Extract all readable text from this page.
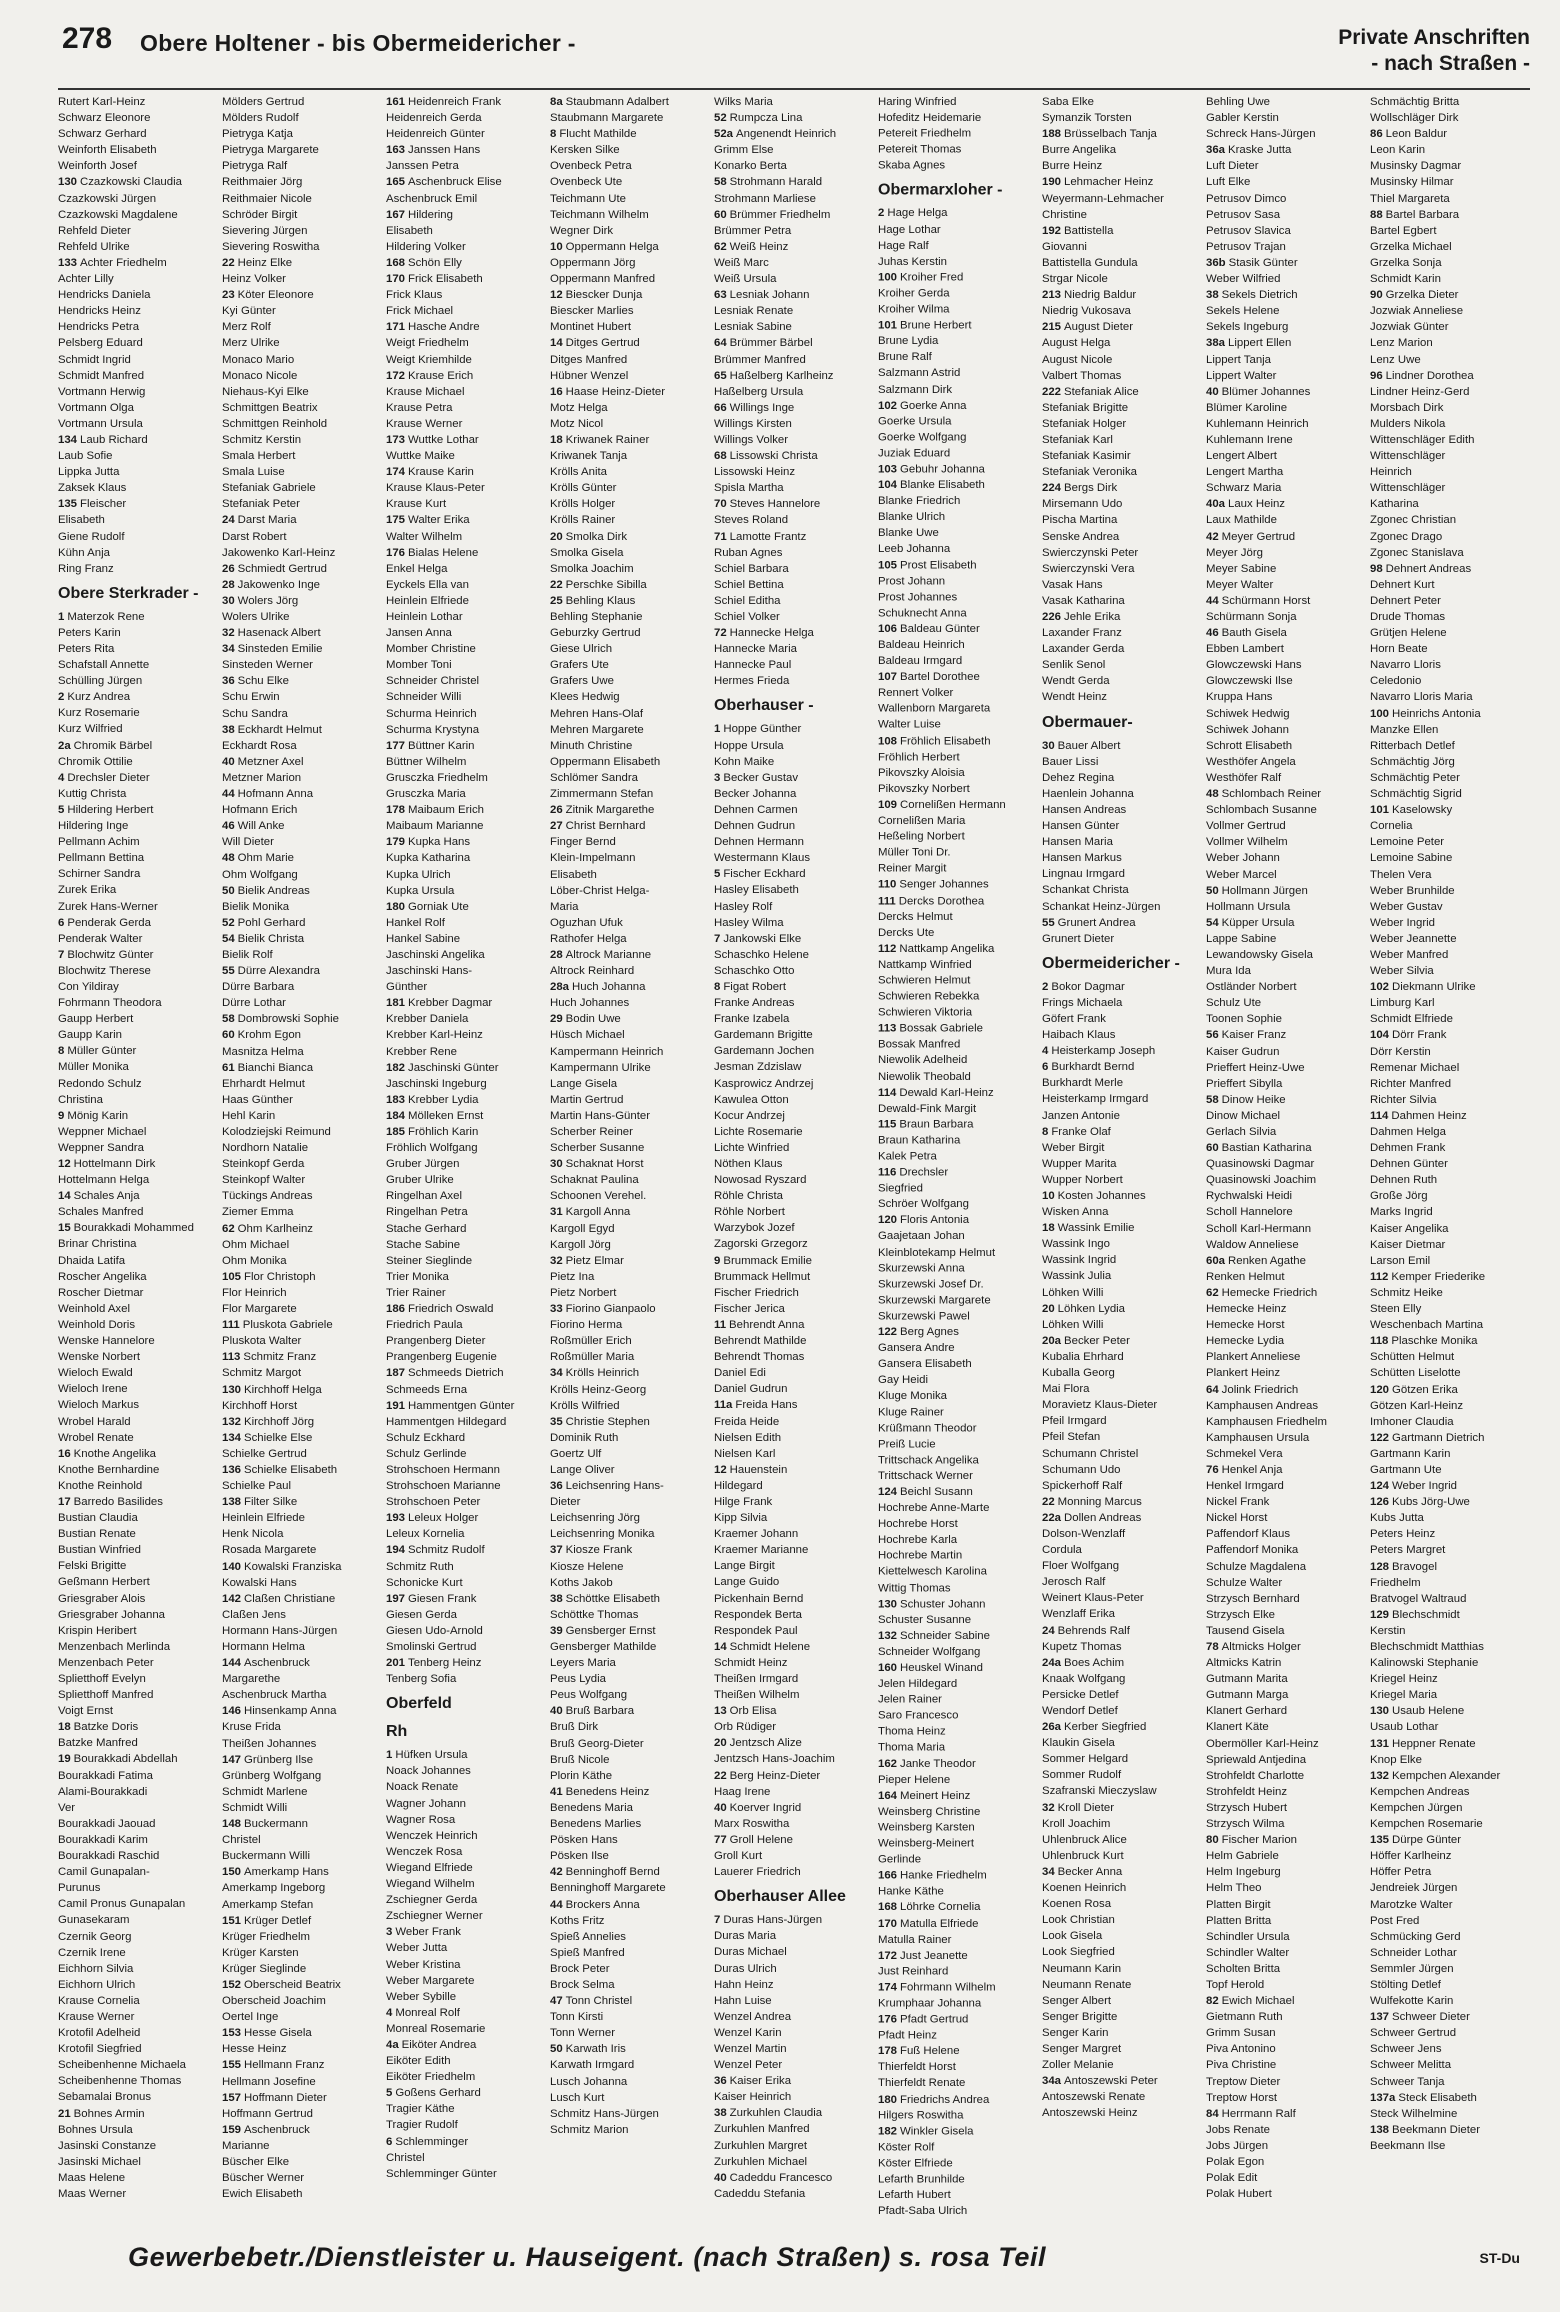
278 Obere Holtener - bis Obermeidericher -	Private Anschriften
- nach Straßen -
Rutert Karl-Heinz
Schwarz Eleonore
Schwarz Gerhard
Weinforth Elisabeth
Weinforth Josef
130 Czazkowski Claudia
Czazkowski Jürgen
Czazkowski Magdalene
Rehfeld Dieter
Rehfeld Ulrike
133 Achter Friedhelm
Achter Lilly
Hendricks Daniela
Hendricks Heinz
Hendricks Petra
Pelsberg Eduard
Schmidt Ingrid
Schmidt Manfred
Vortmann Herwig
Vortmann Olga
Vortmann Ursula
134 Laub Richard
Laub Sofie
Lippka Jutta
Zaksek Klaus
135 Fleischer
Elisabeth
Giene Rudolf
Kühn Anja
Ring Franz
Obere Sterkrader -
1 Materzok Rene
Peters Karin
Peters Rita
Schafstall Annette
Schülling Jürgen
2 Kurz Andrea
Kurz Rosemarie
Kurz Wilfried
2a Chromik Bärbel
Chromik Ottilie
4 Drechsler Dieter
Kuttig Christa
5 Hildering Herbert
Hildering Inge
Pellmann Achim
Pellmann Bettina
Schirner Sandra
Zurek Erika
Zurek Hans-Werner
6 Penderak Gerda
Penderak Walter
7 Blochwitz Günter
Blochwitz Therese
Con Yildiray
Fohrmann Theodora
Gaupp Herbert
Gaupp Karin
8 Müller Günter
Müller Monika
Redondo Schulz
Christina
9 Mönig Karin
Weppner Michael
Weppner Sandra
12 Hottelmann Dirk
Hottelmann Helga
14 Schales Anja
Schales Manfred
15 Bourakkadi Mohammed
Brinar Christina
Dhaida Latifa
Roscher Angelika
Roscher Dietmar
Weinhold Axel
Weinhold Doris
Wenske Hannelore
Wenske Norbert
Wieloch Ewald
Wieloch Irene
Wieloch Markus
Wrobel Harald
Wrobel Renate
16 Knothe Angelika
Knothe Bernhardine
Knothe Reinhold
17 Barredo Basilides
Bustian Claudia
Bustian Renate
Bustian Winfried
Felski Brigitte
Geßmann Herbert
Griesgraber Alois
Griesgraber Johanna
Krispin Heribert
Menzenbach Merlinda
Menzenbach Peter
Splietthoff Evelyn
Splietthoff Manfred
Voigt Ernst
18 Batzke Doris
Batzke Manfred
19 Bourakkadi Abdellah
Bourakkadi Fatima
Alami-Bourakkadi
Ver
Bourakkadi Jaouad
Bourakkadi Karim
Bourakkadi Raschid
Camil Gunapalan-
Purunus
Camil Pronus Gunapalan
Gunasekaram
Czernik Georg
Czernik Irene
Eichhorn Silvia
Eichhorn Ulrich
Krause Cornelia
Krause Werner
Krotofil Adelheid
Krotofil Siegfried
Scheibenhenne Michaela
Scheibenhenne Thomas
Sebamalai Bronus
21 Bohnes Armin
Bohnes Ursula
Jasinski Constanze
Jasinski Michael
Maas Helene
Maas Werner
Mölders Gertrud
Mölders Rudolf
Pietryga Katja
Pietryga Margarete
Pietryga Ralf
Reithmaier Jörg
Reithmaier Nicole
Schröder Birgit
Sievering Jürgen
Sievering Roswitha
22 Heinz Elke
Heinz Volker
23 Köter Eleonore
Kyi Günter
Merz Rolf
Merz Ulrike
Monaco Mario
Monaco Nicole
Niehaus-Kyi Elke
Schmittgen Beatrix
Schmittgen Reinhold
Schmitz Kerstin
Smala Herbert
Smala Luise
Stefaniak Gabriele
Stefaniak Peter
24 Darst Maria
Darst Robert
Jakowenko Karl-Heinz
26 Schmiedt Gertrud
28 Jakowenko Inge
30 Wolers Jörg
Wolers Ulrike
32 Hasenack Albert
34 Sinsteden Emilie
Sinsteden Werner
36 Schu Elke
Schu Erwin
Schu Sandra
38 Eckhardt Helmut
Eckhardt Rosa
40 Metzner Axel
Metzner Marion
44 Hofmann Anna
Hofmann Erich
46 Will Anke
Will Dieter
48 Ohm Marie
Ohm Wolfgang
50 Bielik Andreas
Bielik Monika
52 Pohl Gerhard
54 Bielik Christa
Bielik Rolf
55 Dürre Alexandra
Dürre Barbara
Dürre Lothar
58 Dombrowski Sophie
60 Krohm Egon
Masnitza Helma
61 Bianchi Bianca
Ehrhardt Helmut
Haas Günther
Hehl Karin
Kolodziejski Reimund
Nordhorn Natalie
Steinkopf Gerda
Steinkopf Walter
Tückings Andreas
Ziemer Emma
62 Ohm Karlheinz
Ohm Michael
Ohm Monika
105 Flor Christoph
Flor Heinrich
Flor Margarete
111 Pluskota Gabriele
Pluskota Walter
113 Schmitz Franz
Schmitz Margot
130 Kirchhoff Helga
Kirchhoff Horst
132 Kirchhoff Jörg
134 Schielke Else
Schielke Gertrud
136 Schielke Elisabeth
Schielke Paul
138 Filter Silke
Heinlein Elfriede
Henk Nicola
Rosada Margarete
140 Kowalski Franziska
Kowalski Hans
142 Claßen Christiane
Claßen Jens
Hormann Hans-Jürgen
Hormann Helma
144 Aschenbruck
Margarethe
Aschenbruck Martha
146 Hinsenkamp Anna
Kruse Frida
Theißen Johannes
147 Grünberg Ilse
Grünberg Wolfgang
Schmidt Marlene
Schmidt Willi
148 Buckermann
Christel
Buckermann Willi
150 Amerkamp Hans
Amerkamp Ingeborg
Amerkamp Stefan
151 Krüger Detlef
Krüger Friedhelm
Krüger Karsten
Krüger Sieglinde
152 Oberscheid Beatrix
Oberscheid Joachim
Oertel Inge
153 Hesse Gisela
Hesse Heinz
155 Hellmann Franz
Hellmann Josefine
157 Hoffmann Dieter
Hoffmann Gertrud
159 Aschenbruck
Marianne
Büscher Elke
Büscher Werner
Ewich Elisabeth
161 Heidenreich Frank
Heidenreich Gerda
Heidenreich Günter
163 Janssen Hans
Janssen Petra
165 Aschenbruck Elise
Aschenbruck Emil
167 Hildering
Elisabeth
Hildering Volker
168 Schön Elly
170 Frick Elisabeth
Frick Klaus
Frick Michael
171 Hasche Andre
Weigt Friedhelm
Weigt Kriemhilde
172 Krause Erich
Krause Michael
Krause Petra
Krause Werner
173 Wuttke Lothar
Wuttke Maike
174 Krause Karin
Krause Klaus-Peter
Krause Kurt
175 Walter Erika
Walter Wilhelm
176 Bialas Helene
Enkel Helga
Eyckels Ella van
Heinlein Elfriede
Heinlein Lothar
Jansen Anna
Momber Christine
Momber Toni
Schneider Christel
Schneider Willi
Schurma Heinrich
Schurma Krystyna
177 Büttner Karin
Büttner Wilhelm
Grusczka Friedhelm
Grusczka Maria
178 Maibaum Erich
Maibaum Marianne
179 Kupka Hans
Kupka Katharina
Kupka Ulrich
Kupka Ursula
180 Gorniak Ute
Hankel Rolf
Hankel Sabine
Jaschinski Angelika
Jaschinski Hans-
Günther
181 Krebber Dagmar
Krebber Daniela
Krebber Karl-Heinz
Krebber Rene
182 Jaschinski Günter
Jaschinski Ingeburg
183 Krebber Lydia
184 Mölleken Ernst
185 Fröhlich Karin
Fröhlich Wolfgang
Gruber Jürgen
Gruber Ulrike
Ringelhan Axel
Ringelhan Petra
Stache Gerhard
Stache Sabine
Steiner Sieglinde
Trier Monika
Trier Rainer
186 Friedrich Oswald
Friedrich Paula
Prangenberg Dieter
Prangenberg Eugenie
187 Schmeeds Dietrich
Schmeeds Erna
191 Hammentgen Günter
Hammentgen Hildegard
Schulz Eckhard
Schulz Gerlinde
Strohschoen Hermann
Strohschoen Marianne
Strohschoen Peter
193 Leleux Holger
Leleux Kornelia
194 Schmitz Rudolf
Schmitz Ruth
Schonicke Kurt
197 Giesen Frank
Giesen Gerda
Giesen Udo-Arnold
Smolinski Gertrud
201 Tenberg Heinz
Tenberg Sofia
Oberfeld
Rh
1 Hüfken Ursula
Noack Johannes
Noack Renate
Wagner Johann
Wagner Rosa
Wenczek Heinrich
Wenczek Rosa
Wiegand Elfriede
Wiegand Wilhelm
Zschiegner Gerda
Zschiegner Werner
3 Weber Frank
Weber Jutta
Weber Kristina
Weber Margarete
Weber Sybille
4 Monreal Rolf
Monreal Rosemarie
4a Eiköter Andrea
Eiköter Edith
Eiköter Friedhelm
5 Goßens Gerhard
Tragier Käthe
Tragier Rudolf
6 Schlemminger
Christel
Schlemminger Günter
8a Staubmann Adalbert
Staubmann Margarete
8 Flucht Mathilde
Kersken Silke
Ovenbeck Petra
Ovenbeck Ute
Teichmann Ute
Teichmann Wilhelm
Wegner Dirk
10 Oppermann Helga
Oppermann Jörg
Oppermann Manfred
12 Biescker Dunja
Biescker Marlies
Montinet Hubert
14 Ditges Gertrud
Ditges Manfred
Hübner Wenzel
16 Haase Heinz-Dieter
Motz Helga
Motz Nicol
18 Kriwanek Rainer
Kriwanek Tanja
Krölls Anita
Krölls Günter
Krölls Holger
Krölls Rainer
20 Smolka Dirk
Smolka Gisela
Smolka Joachim
22 Perschke Sibilla
25 Behling Klaus
Behling Stephanie
Geburzky Gertrud
Giese Ulrich
Grafers Ute
Grafers Uwe
Klees Hedwig
Mehren Hans-Olaf
Mehren Margarete
Minuth Christine
Oppermann Elisabeth
Schlömer Sandra
Zimmermann Stefan
26 Zitnik Margarethe
27 Christ Bernhard
Finger Bernd
Klein-Impelmann
Elisabeth
Löber-Christ Helga-
Maria
Oguzhan Ufuk
Rathofer Helga
28 Altrock Marianne
Altrock Reinhard
28a Huch Johanna
Huch Johannes
29 Bodin Uwe
Hüsch Michael
Kampermann Heinrich
Kampermann Ulrike
Lange Gisela
Martin Gertrud
Martin Hans-Günter
Scherber Reiner
Scherber Susanne
30 Schaknat Horst
Schaknat Paulina
Schoonen Verehel.
31 Kargoll Anna
Kargoll Egyd
Kargoll Jörg
32 Pietz Elmar
Pietz Ina
Pietz Norbert
33 Fiorino Gianpaolo
Fiorino Herma
Roßmüller Erich
Roßmüller Maria
34 Krölls Heinrich
Krölls Heinz-Georg
Krölls Wilfried
35 Christie Stephen
Dominik Ruth
Goertz Ulf
Lange Oliver
36 Leichsenring Hans-
Dieter
Leichsenring Jörg
Leichsenring Monika
37 Kiosze Frank
Kiosze Helene
Koths Jakob
38 Schöttke Elisabeth
Schöttke Thomas
39 Gensberger Ernst
Gensberger Mathilde
Leyers Maria
Peus Lydia
Peus Wolfgang
40 Bruß Barbara
Bruß Dirk
Bruß Georg-Dieter
Bruß Nicole
Plorin Käthe
41 Benedens Heinz
Benedens Maria
Benedens Marlies
Pösken Hans
Pösken Ilse
42 Benninghoff Bernd
Benninghoff Margarete
44 Brockers Anna
Koths Fritz
Spieß Annelies
Spieß Manfred
Brock Peter
Brock Selma
47 Tonn Christel
Tonn Kirsti
Tonn Werner
50 Karwath Iris
Karwath Irmgard
Lusch Johanna
Lusch Kurt
Schmitz Hans-Jürgen
Schmitz Marion
Wilks Maria
52 Rumpcza Lina
52a Angenendt Heinrich
Grimm Else
Konarko Berta
58 Strohmann Harald
Strohmann Marliese
60 Brümmer Friedhelm
Brümmer Petra
62 Weiß Heinz
Weiß Marc
Weiß Ursula
63 Lesniak Johann
Lesniak Renate
Lesniak Sabine
64 Brümmer Bärbel
Brümmer Manfred
65 Haßelberg Karlheinz
Haßelberg Ursula
66 Willings Inge
Willings Kirsten
Willings Volker
68 Lissowski Christa
Lissowski Heinz
Spisla Martha
70 Steves Hannelore
Steves Roland
71 Lamotte Frantz
Ruban Agnes
Schiel Barbara
Schiel Bettina
Schiel Editha
Schiel Volker
72 Hannecke Helga
Hannecke Maria
Hannecke Paul
Hermes Frieda
Oberhauser -
1 Hoppe Günther
Hoppe Ursula
Kohn Maike
3 Becker Gustav
Becker Johanna
Dehnen Carmen
Dehnen Gudrun
Dehnen Hermann
Westermann Klaus
5 Fischer Eckhard
Hasley Elisabeth
Hasley Rolf
Hasley Wilma
7 Jankowski Elke
Schaschko Helene
Schaschko Otto
8 Figat Robert
Franke Andreas
Franke Izabela
Gardemann Brigitte
Gardemann Jochen
Jesman Zdzislaw
Kasprowicz Andrzej
Kawulea Otton
Kocur Andrzej
Lichte Rosemarie
Lichte Winfried
Nöthen Klaus
Nowosad Ryszard
Röhle Christa
Röhle Norbert
Warzybok Jozef
Zagorski Grzegorz
9 Brummack Emilie
Brummack Hellmut
Fischer Friedrich
Fischer Jerica
11 Behrendt Anna
Behrendt Mathilde
Behrendt Thomas
Daniel Edi
Daniel Gudrun
11a Freida Hans
Freida Heide
Nielsen Edith
Nielsen Karl
12 Hauenstein
Hildegard
Hilge Frank
Kipp Silvia
Kraemer Johann
Kraemer Marianne
Lange Birgit
Lange Guido
Pickenhain Bernd
Respondek Berta
Respondek Paul
14 Schmidt Helene
Schmidt Heinz
Theißen Irmgard
Theißen Wilhelm
13 Orb Elisa
Orb Rüdiger
20 Jentzsch Alize
Jentzsch Hans-Joachim
22 Berg Heinz-Dieter
Haag Irene
40 Koerver Ingrid
Marx Roswitha
77 Groll Helene
Groll Kurt
Lauerer Friedrich
Oberhauser Allee
7 Duras Hans-Jürgen
Duras Maria
Duras Michael
Duras Ulrich
Hahn Heinz
Hahn Luise
Wenzel Andrea
Wenzel Karin
Wenzel Martin
Wenzel Peter
36 Kaiser Erika
Kaiser Heinrich
38 Zurkuhlen Claudia
Zurkuhlen Manfred
Zurkuhlen Margret
Zurkuhlen Michael
40 Cadeddu Francesco
Cadeddu Stefania
Haring Winfried
Hofeditz Heidemarie
Petereit Friedhelm
Petereit Thomas
Skaba Agnes
Obermarxloher -
2 Hage Helga
Hage Lothar
Hage Ralf
Juhas Kerstin
100 Kroiher Fred
Kroiher Gerda
Kroiher Wilma
101 Brune Herbert
Brune Lydia
Brune Ralf
Salzmann Astrid
Salzmann Dirk
102 Goerke Anna
Goerke Ursula
Goerke Wolfgang
Juziak Eduard
103 Gebuhr Johanna
104 Blanke Elisabeth
Blanke Friedrich
Blanke Ulrich
Blanke Uwe
Leeb Johanna
105 Prost Elisabeth
Prost Johann
Prost Johannes
Schuknecht Anna
106 Baldeau Günter
Baldeau Heinrich
Baldeau Irmgard
107 Bartel Dorothee
Rennert Volker
Wallenborn Margareta
Walter Luise
108 Fröhlich Elisabeth
Fröhlich Herbert
Pikovszky Aloisia
Pikovszky Norbert
109 Cornelißen Hermann
Cornelißen Maria
Heßeling Norbert
Müller Toni Dr.
Reiner Margit
110 Senger Johannes
111 Dercks Dorothea
Dercks Helmut
Dercks Ute
112 Nattkamp Angelika
Nattkamp Winfried
Schwieren Helmut
Schwieren Rebekka
Schwieren Viktoria
113 Bossak Gabriele
Bossak Manfred
Niewolik Adelheid
Niewolik Theobald
114 Dewald Karl-Heinz
Dewald-Fink Margit
115 Braun Barbara
Braun Katharina
Kalek Petra
116 Drechsler
Siegfried
Schröer Wolfgang
120 Floris Antonia
Gaajetaan Johan
Kleinblotekamp Helmut
Skurzewski Anna
Skurzewski Josef Dr.
Skurzewski Margarete
Skurzewski Pawel
122 Berg Agnes
Gansera Andre
Gansera Elisabeth
Gay Heidi
Kluge Monika
Kluge Rainer
Krüßmann Theodor
Preiß Lucie
Trittschack Angelika
Trittschack Werner
124 Beichl Susann
Hochrebe Anne-Marte
Hochrebe Horst
Hochrebe Karla
Hochrebe Martin
Kiettelwesch Karolina
Wittig Thomas
130 Schuster Johann
Schuster Susanne
132 Schneider Sabine
Schneider Wolfgang
160 Heuskel Winand
Jelen Hildegard
Jelen Rainer
Saro Francesco
Thoma Heinz
Thoma Maria
162 Janke Theodor
Pieper Helene
164 Meinert Heinz
Weinsberg Christine
Weinsberg Karsten
Weinsberg-Meinert
Gerlinde
166 Hanke Friedhelm
Hanke Käthe
168 Löhrke Cornelia
170 Matulla Elfriede
Matulla Rainer
172 Just Jeanette
Just Reinhard
174 Fohrmann Wilhelm
Krumphaar Johanna
176 Pfadt Gertrud
Pfadt Heinz
178 Fuß Helene
Thierfeldt Horst
Thierfeldt Renate
180 Friedrichs Andrea
Hilgers Roswitha
182 Winkler Gisela
Köster Rolf
Köster Elfriede
Lefarth Brunhilde
Lefarth Hubert
Pfadt-Saba Ulrich
Saba Elke
Symanzik Torsten
188 Brüsselbach Tanja
Burre Angelika
Burre Heinz
190 Lehmacher Heinz
Weyermann-Lehmacher
Christine
192 Battistella
Giovanni
Battistella Gundula
Strgar Nicole
213 Niedrig Baldur
Niedrig Vukosava
215 August Dieter
August Helga
August Nicole
Valbert Thomas
222 Stefaniak Alice
Stefaniak Brigitte
Stefaniak Holger
Stefaniak Karl
Stefaniak Kasimir
Stefaniak Veronika
224 Bergs Dirk
Mirsemann Udo
Pischa Martina
Senske Andrea
Swierczynski Peter
Swierczynski Vera
Vasak Hans
Vasak Katharina
226 Jehle Erika
Laxander Franz
Laxander Gerda
Senlik Senol
Wendt Gerda
Wendt Heinz
Obermauer-
30 Bauer Albert
Bauer Lissi
Dehez Regina
Haenlein Johanna
Hansen Andreas
Hansen Günter
Hansen Maria
Hansen Markus
Lingnau Irmgard
Schankat Christa
Schankat Heinz-Jürgen
55 Grunert Andrea
Grunert Dieter
Obermeidericher -
2 Bokor Dagmar
Frings Michaela
Göfert Frank
Haibach Klaus
4 Heisterkamp Joseph
6 Burkhardt Bernd
Burkhardt Merle
Heisterkamp Irmgard
Janzen Antonie
8 Franke Olaf
Weber Birgit
Wupper Marita
Wupper Norbert
10 Kosten Johannes
Wisken Anna
18 Wassink Emilie
Wassink Ingo
Wassink Ingrid
Wassink Julia
Löhken Willi
20 Löhken Lydia
Löhken Willi
20a Becker Peter
Kubalia Ehrhard
Kuballa Georg
Mai Flora
Moravietz Klaus-Dieter
Pfeil Irmgard
Pfeil Stefan
Schumann Christel
Schumann Udo
Spickerhoff Ralf
22 Monning Marcus
22a Dollen Andreas
Dolson-Wenzlaff
Cordula
Floer Wolfgang
Jerosch Ralf
Weinert Klaus-Peter
Wenzlaff Erika
24 Behrends Ralf
Kupetz Thomas
24a Boes Achim
Knaak Wolfgang
Persicke Detlef
Wendorf Detlef
26a Kerber Siegfried
Klaukin Gisela
Sommer Helgard
Sommer Rudolf
Szafranski Mieczyslaw
32 Kroll Dieter
Kroll Joachim
Uhlenbruck Alice
Uhlenbruck Kurt
34 Becker Anna
Koenen Heinrich
Koenen Rosa
Look Christian
Look Gisela
Look Siegfried
Neumann Karin
Neumann Renate
Senger Albert
Senger Brigitte
Senger Karin
Senger Margret
Zoller Melanie
34a Antoszewski Peter
Antoszewski Renate
Antoszewski Heinz
Behling Uwe
Gabler Kerstin
Schreck Hans-Jürgen
36a Kraske Jutta
Luft Dieter
Luft Elke
Petrusov Dimco
Petrusov Sasa
Petrusov Slavica
Petrusov Trajan
36b Stasik Günter
Weber Wilfried
38 Sekels Dietrich
Sekels Helene
Sekels Ingeburg
38a Lippert Ellen
Lippert Tanja
Lippert Walter
40 Blümer Johannes
Blümer Karoline
Kuhlemann Heinrich
Kuhlemann Irene
Lengert Albert
Lengert Martha
Schwarz Maria
40a Laux Heinz
Laux Mathilde
42 Meyer Gertrud
Meyer Jörg
Meyer Sabine
Meyer Walter
44 Schürmann Horst
Schürmann Sonja
46 Bauth Gisela
Ebben Lambert
Glowczewski Hans
Glowczewski Ilse
Kruppa Hans
Schiwek Hedwig
Schiwek Johann
Schrott Elisabeth
Westhöfer Angela
Westhöfer Ralf
48 Schlombach Reiner
Schlombach Susanne
Vollmer Gertrud
Vollmer Wilhelm
Weber Johann
Weber Marcel
50 Hollmann Jürgen
Hollmann Ursula
54 Küpper Ursula
Lappe Sabine
Lewandowsky Gisela
Mura Ida
Ostländer Norbert
Schulz Ute
Toonen Sophie
56 Kaiser Franz
Kaiser Gudrun
Prieffert Heinz-Uwe
Prieffert Sibylla
58 Dinow Heike
Dinow Michael
Gerlach Silvia
60 Bastian Katharina
Quasinowski Dagmar
Quasinowski Joachim
Rychwalski Heidi
Scholl Hannelore
Scholl Karl-Hermann
Waldow Anneliese
60a Renken Agathe
Renken Helmut
62 Hemecke Friedrich
Hemecke Heinz
Hemecke Horst
Hemecke Lydia
Plankert Anneliese
Plankert Heinz
64 Jolink Friedrich
Kamphausen Andreas
Kamphausen Friedhelm
Kamphausen Ursula
Schmekel Vera
76 Henkel Anja
Henkel Irmgard
Nickel Frank
Nickel Horst
Paffendorf Klaus
Paffendorf Monika
Schulze Magdalena
Schulze Walter
Strzysch Bernhard
Strzysch Elke
Tausend Gisela
78 Altmicks Holger
Altmicks Katrin
Gutmann Marita
Gutmann Marga
Klanert Gerhard
Klanert Käte
Obermöller Karl-Heinz
Spriewald Antjedina
Strohfeldt Charlotte
Strohfeldt Heinz
Strzysch Hubert
Strzysch Wilma
80 Fischer Marion
Helm Gabriele
Helm Ingeburg
Helm Theo
Platten Birgit
Platten Britta
Schindler Ursula
Schindler Walter
Scholten Britta
Topf Herold
82 Ewich Michael
Gietmann Ruth
Grimm Susan
Piva Antonino
Piva Christine
Treptow Dieter
Treptow Horst
84 Herrmann Ralf
Jobs Renate
Jobs Jürgen
Polak Egon
Polak Edit
Polak Hubert
Schmächtig Britta
Wollschläger Dirk
86 Leon Baldur
Leon Karin
Musinsky Dagmar
Musinsky Hilmar
Thiel Margareta
88 Bartel Barbara
Bartel Egbert
Grzelka Michael
Grzelka Sonja
Schmidt Karin
90 Grzelka Dieter
Jozwiak Anneliese
Jozwiak Günter
Lenz Marion
Lenz Uwe
96 Lindner Dorothea
Lindner Heinz-Gerd
Morsbach Dirk
Mulders Nikola
Wittenschläger Edith
Wittenschläger
Heinrich
Wittenschläger
Katharina
Zgonec Christian
Zgonec Drago
Zgonec Stanislava
98 Dehnert Andreas
Dehnert Kurt
Dehnert Peter
Drude Thomas
Grütjen Helene
Horn Beate
Navarro Lloris
Celedonio
Navarro Lloris Maria
100 Heinrichs Antonia
Manzke Ellen
Ritterbach Detlef
Schmächtig Jörg
Schmächtig Peter
Schmächtig Sigrid
101 Kaselowsky
Cornelia
Lemoine Peter
Lemoine Sabine
Thelen Vera
Weber Brunhilde
Weber Gustav
Weber Ingrid
Weber Jeannette
Weber Manfred
Weber Silvia
102 Diekmann Ulrike
Limburg Karl
Schmidt Elfriede
104 Dörr Frank
Dörr Kerstin
Remenar Michael
Richter Manfred
Richter Silvia
114 Dahmen Heinz
Dahmen Helga
Dehmen Frank
Dehnen Günter
Dehnen Ruth
Große Jörg
Marks Ingrid
Kaiser Angelika
Kaiser Dietmar
Larson Emil
112 Kemper Friederike
Schmitz Heike
Steen Elly
Weschenbach Martina
118 Plaschke Monika
Schütten Helmut
Schütten Liselotte
120 Götzen Erika
Götzen Karl-Heinz
Imhoner Claudia
122 Gartmann Dietrich
Gartmann Karin
Gartmann Ute
124 Weber Ingrid
126 Kubs Jörg-Uwe
Kubs Jutta
Peters Heinz
Peters Margret
128 Bravogel
Friedhelm
Bratvogel Waltraud
129 Blechschmidt
Kerstin
Blechschmidt Matthias
Kalinowski Stephanie
Kriegel Heinz
Kriegel Maria
130 Usaub Helene
Usaub Lothar
131 Heppner Renate
Knop Elke
132 Kempchen Alexander
Kempchen Andreas
Kempchen Jürgen
Kempchen Rosemarie
135 Dürpe Günter
Höffer Karlheinz
Höffer Petra
Jendreiek Jürgen
Marotzke Walter
Post Fred
Schmücking Gerd
Schneider Lothar
Semmler Jürgen
Stölting Detlef
Wulfekotte Karin
137 Schweer Dieter
Schweer Gertrud
Schweer Jens
Schweer Melitta
Schweer Tanja
137a Steck Elisabeth
Steck Wilhelmine
138 Beekmann Dieter
Beekmann Ilse
Gewerbebetr./Dienstleister u. Hauseigent. (nach Straßen) s. rosa Teil	ST-Du
